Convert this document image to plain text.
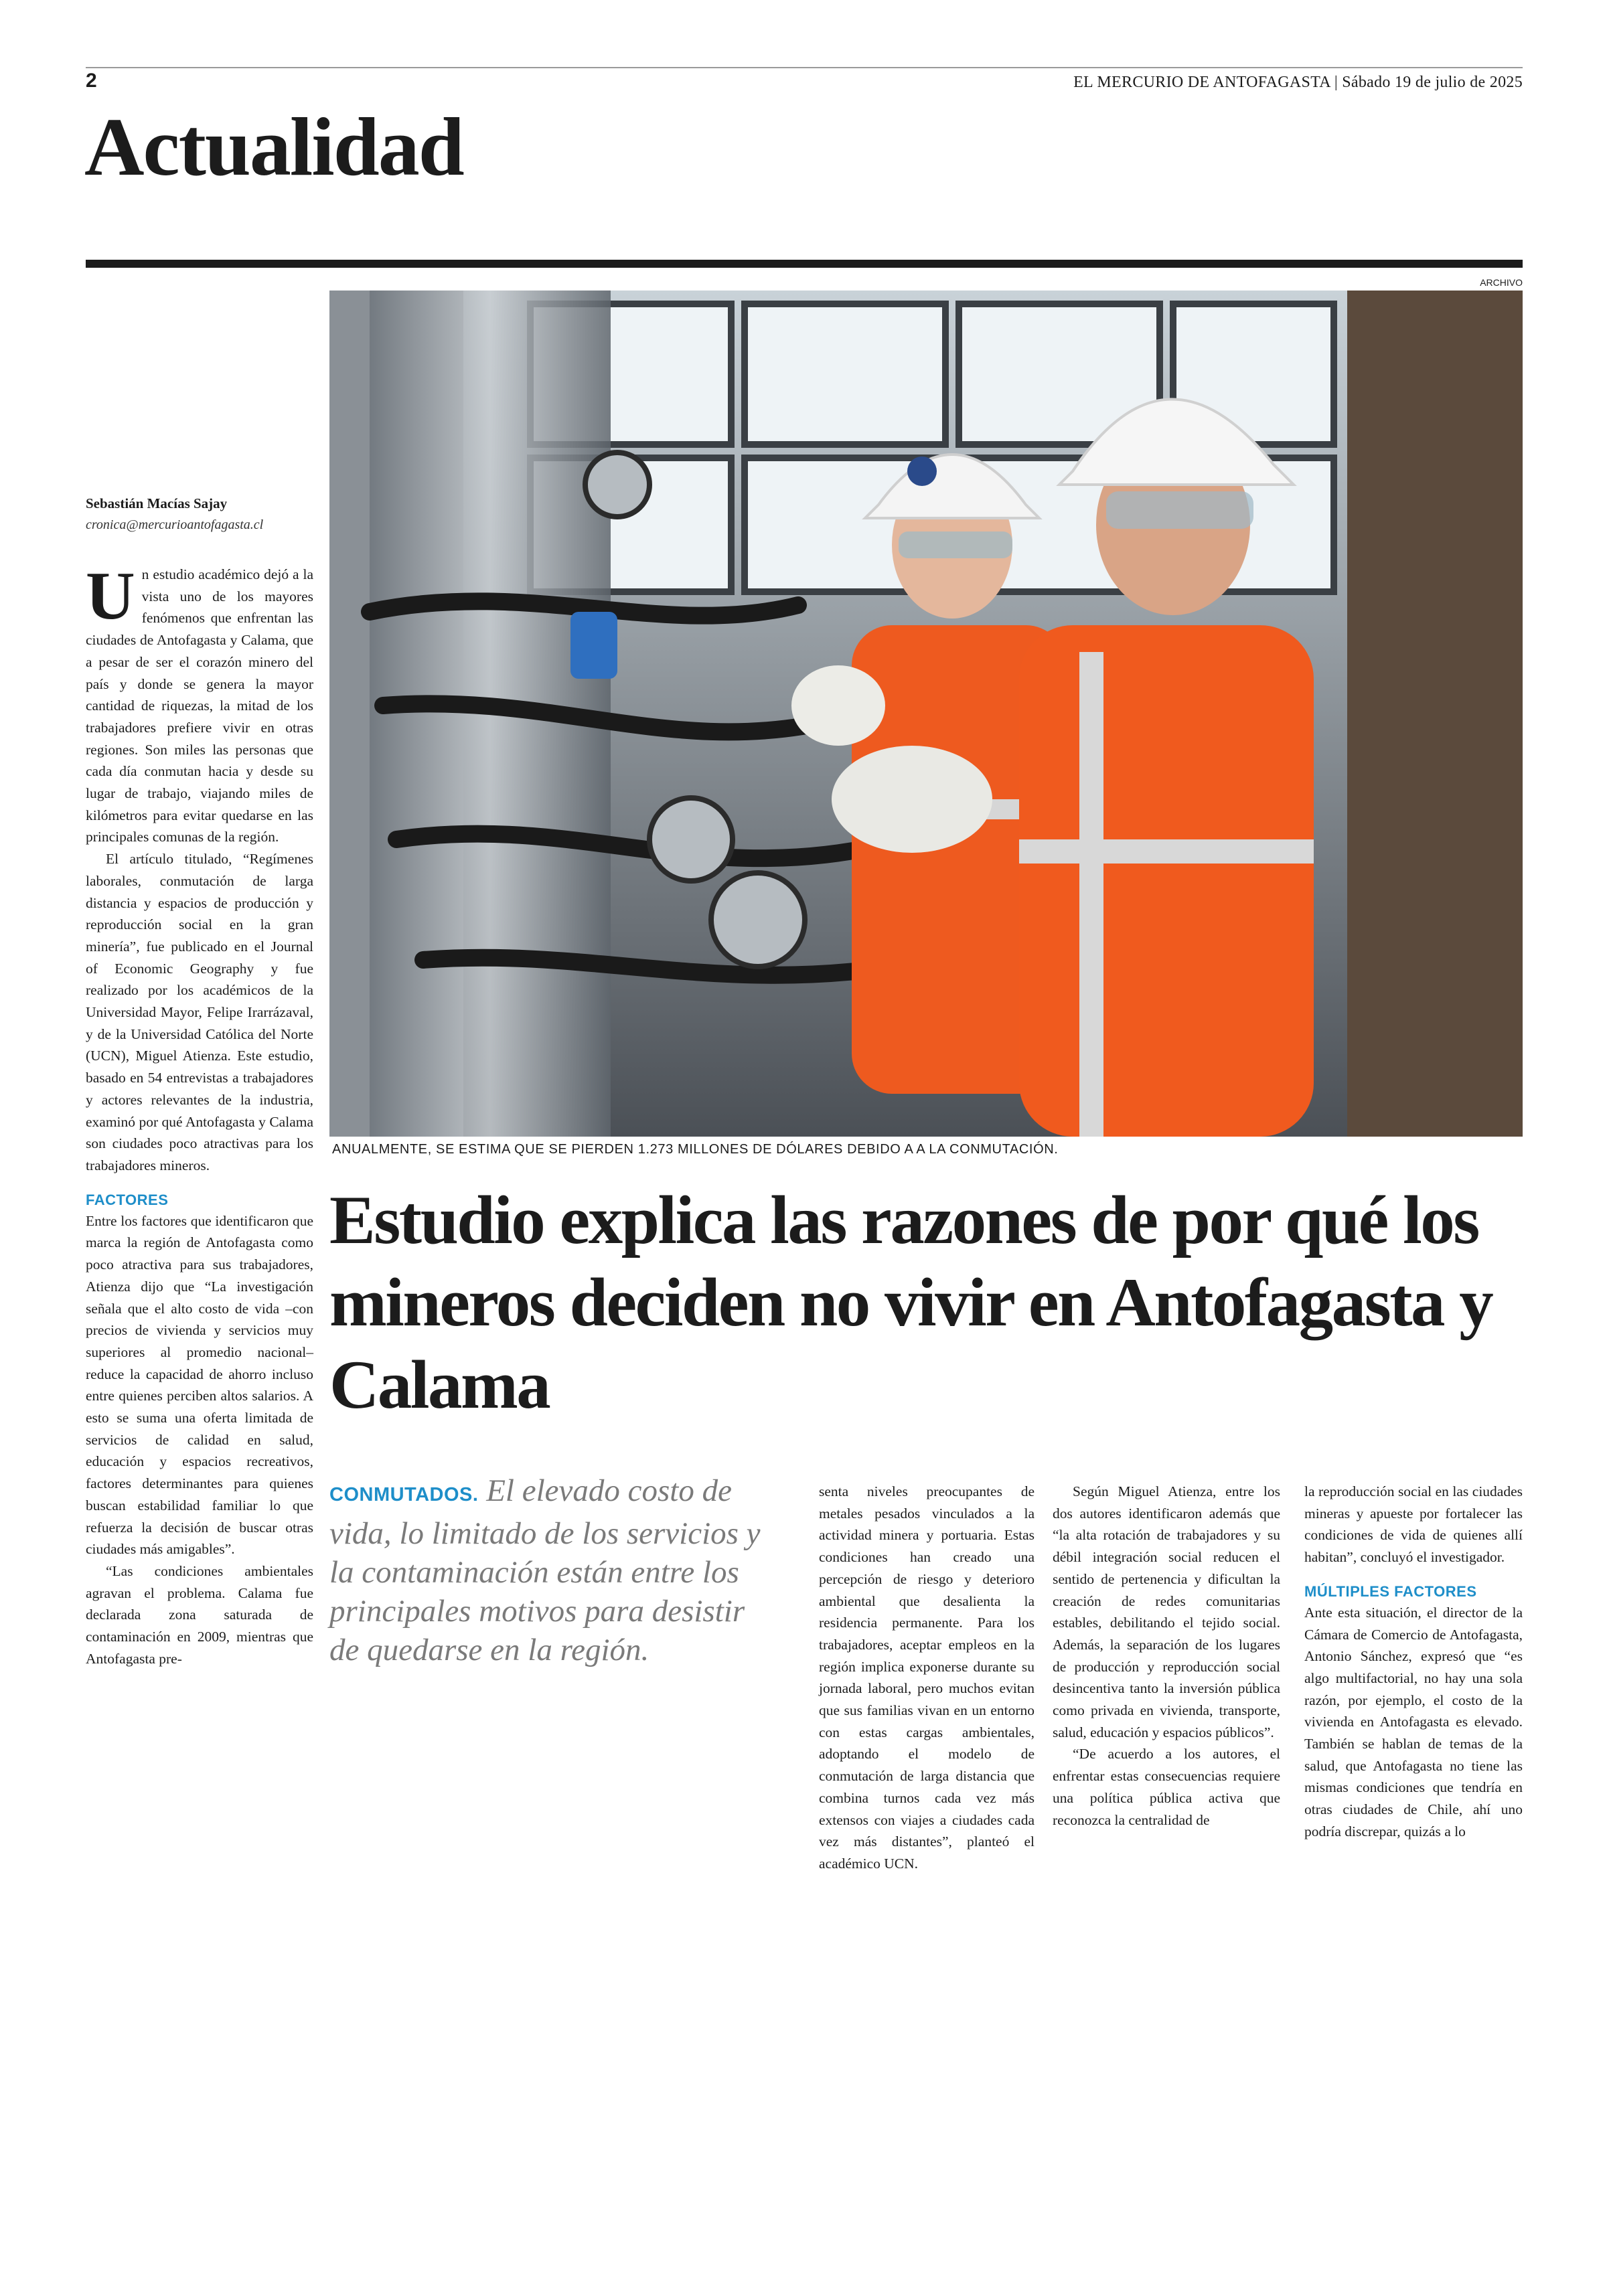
2	EL MERCURIO DE ANTOFAGASTA | Sábado 19 de julio de 2025
Actualidad
ARCHIVO
ANUALMENTE, SE ESTIMA QUE SE PIERDEN 1.273 MILLONES DE DÓLARES DEBIDO A A LA CONMUTACIÓN.
Sebastián Macías Sajay
cronica@mercurioantofagasta.cl

Un estudio académico dejó a la vista uno de los mayores fenómenos que enfrentan las ciudades de Antofagasta y Calama, que a pesar de ser el corazón minero del país y donde se genera la mayor cantidad de riquezas, la mitad de los trabajadores prefiere vivir en otras regiones. Son miles las personas que cada día conmutan hacia y desde su lugar de trabajo, viajando miles de kilómetros para evitar quedarse en las principales comunas de la región.

El artículo titulado, “Regímenes laborales, conmutación de larga distancia y espacios de producción y reproducción social en la gran minería”, fue publicado en el Journal of Economic Geography y fue realizado por los académicos de la Universidad Mayor, Felipe Irarrázaval, y de la Universidad Católica del Norte (UCN), Miguel Atienza. Este estudio, basado en 54 entrevistas a trabajadores y actores relevantes de la industria, examinó por qué Antofagasta y Calama son ciudades poco atractivas para los trabajadores mineros.

FACTORES

Entre los factores que identificaron que marca la región de Antofagasta como poco atractiva para sus trabajadores, Atienza dijo que “La investigación señala que el alto costo de vida –con precios de vivienda y servicios muy superiores al promedio nacional– reduce la capacidad de ahorro incluso entre quienes perciben altos salarios. A esto se suma una oferta limitada de servicios de calidad en salud, educación y espacios recreativos, factores determinantes para quienes buscan estabilidad familiar lo que refuerza la decisión de buscar otras ciudades más amigables”.

“Las condiciones ambientales agravan el problema. Calama fue declarada zona saturada de contaminación en 2009, mientras que Antofagasta pre-

Estudio explica las razones de por qué los mineros deciden no vivir en Antofagasta y Calama
CONMUTADOS. El elevado costo de vida, lo limitado de los servicios y la contaminación están entre los principales motivos para desistir de quedarse en la región.

senta niveles preocupantes de metales pesados vinculados a la actividad minera y portuaria. Estas condiciones han creado una percepción de riesgo y deterioro ambiental que desalienta la residencia permanente. Para los trabajadores, aceptar empleos en la región implica exponerse durante su jornada laboral, pero muchos evitan que sus familias vivan en un entorno con estas cargas ambientales, adoptando el modelo de conmutación de larga distancia que combina turnos cada vez más extensos con viajes a ciudades cada vez más distantes”, planteó el académico UCN.

Según Miguel Atienza, entre los dos autores identificaron además que “la alta rotación de trabajadores y su débil integración social reducen el sentido de pertenencia y dificultan la creación de redes comunitarias estables, debilitando el tejido social. Además, la separación de los lugares de producción y reproducción social desincentiva tanto la inversión pública como privada en vivienda, transporte, salud, educación y espacios públicos”.

“De acuerdo a los autores, el enfrentar estas consecuencias requiere una política pública activa que reconozca la centralidad de

la reproducción social en las ciudades mineras y apueste por fortalecer las condiciones de vida de quienes allí habitan”, concluyó el investigador.

MÚLTIPLES FACTORES

Ante esta situación, el director de la Cámara de Comercio de Antofagasta, Antonio Sánchez, expresó que “es algo multifactorial, no hay una sola razón, por ejemplo, el costo de la vivienda en Antofagasta es elevado. También se hablan de temas de la salud, que Antofagasta no tiene las mismas condiciones que tendría en otras ciudades de Chile, ahí uno podría discrepar, quizás a lo
